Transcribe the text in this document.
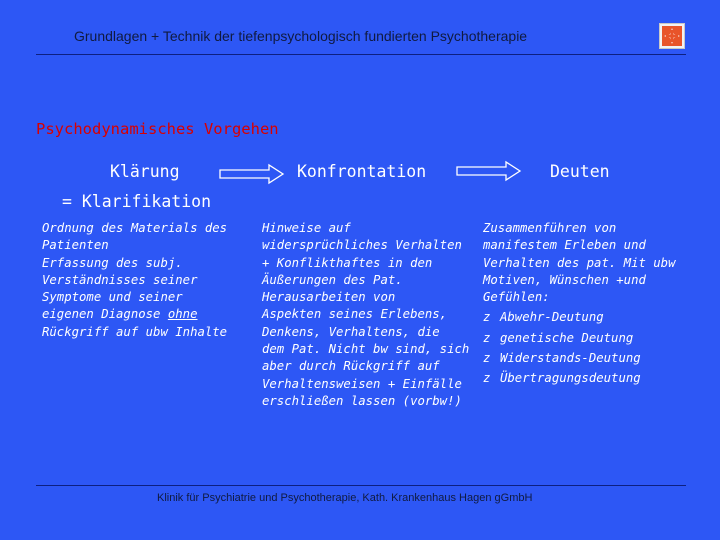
Grundlagen + Technik der tiefenpsychologisch fundierten Psychotherapie
Psychodynamisches Vorgehen
Klärung
= Klarifikation
Konfrontation	Deuten
Ordnung des Materials des
Patienten
Erfassung des subj.
Verständnisses seiner
Symptome und seiner
eigenen Diagnose ohne
Rückgriff auf ubw Inhalte
Hinweise auf
widersprüchliches Verhalten
+ Konflikthaftes in den
Äußerungen des Pat.
Herausarbeiten von
Aspekten seines Erlebens,
Denkens, Verhaltens, die
dem Pat. Nicht bw sind, sich
aber durch Rückgriff auf
Verhaltensweisen + Einfälle
erschließen lassen (vorbw!)
Zusammenführen von
manifestem Erleben und
Verhalten des pat. Mit ubw
Motiven, Wünschen +und
Gefühlen:
z Abwehr-Deutung
z genetische Deutung
z Widerstands-Deutung
z Übertragungsdeutung
Klinik für Psychiatrie und Psychotherapie, Kath. Krankenhaus Hagen gGmbH
